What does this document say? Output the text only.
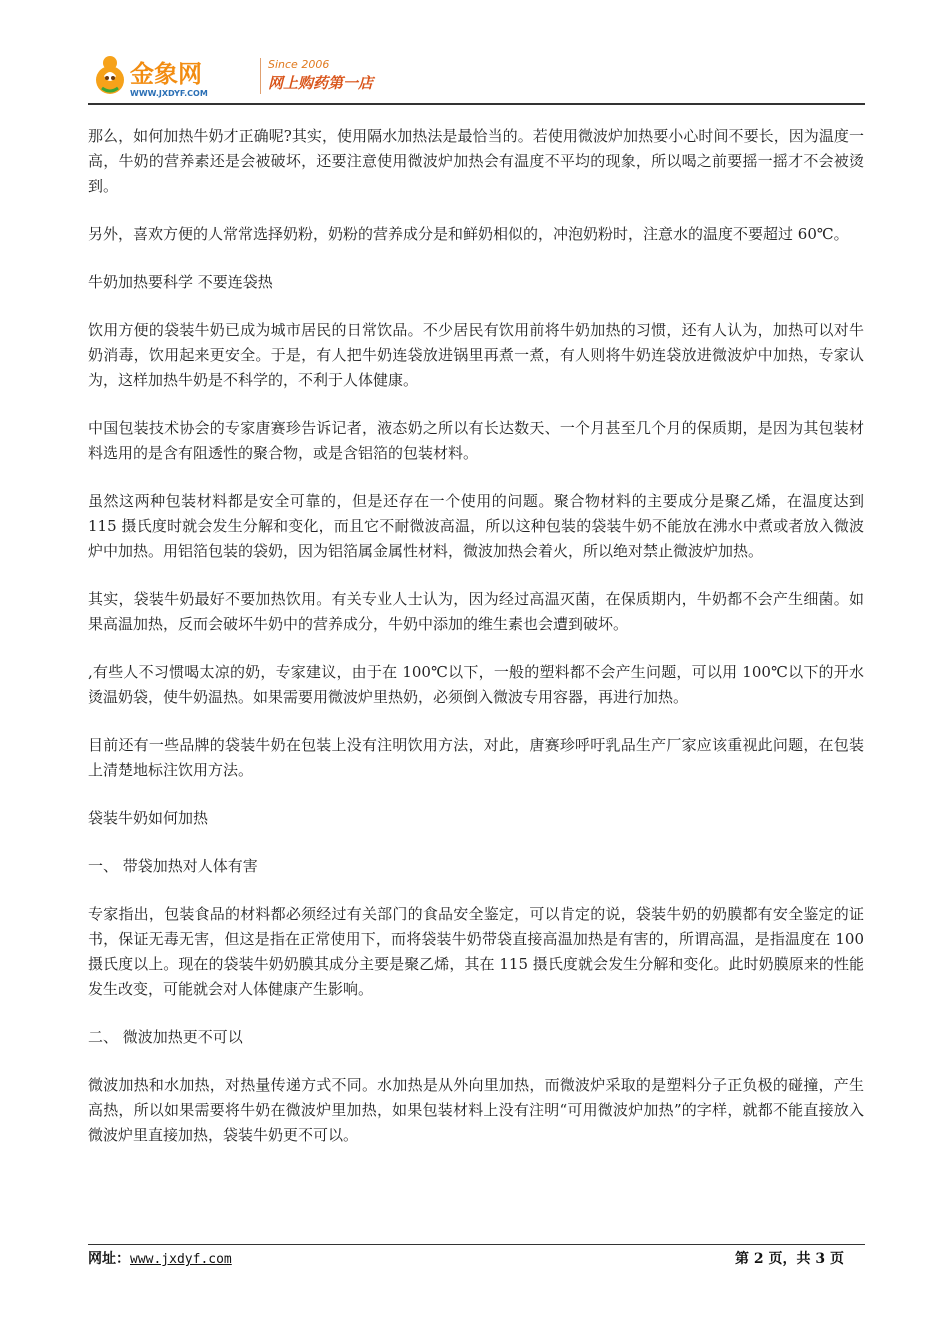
金象网
WWW.JXDYF.COM
Since 2006
网上购药第一店

那么，如何加热牛奶才正确呢?其实，使用隔水加热法是最恰当的。若使用微波炉加热要小心时间不要长，因为温度一高，牛奶的营养素还是会被破坏，还要注意使用微波炉加热会有温度不平均的现象，所以喝之前要摇一摇才不会被烫到。

另外，喜欢方便的人常常选择奶粉，奶粉的营养成分是和鲜奶相似的，冲泡奶粉时，注意水的温度不要超过 60℃。

牛奶加热要科学 不要连袋热

饮用方便的袋装牛奶已成为城市居民的日常饮品。不少居民有饮用前将牛奶加热的习惯，还有人认为，加热可以对牛奶消毒，饮用起来更安全。于是，有人把牛奶连袋放进锅里再煮一煮，有人则将牛奶连袋放进微波炉中加热，专家认为，这样加热牛奶是不科学的，不利于人体健康。

中国包装技术协会的专家唐赛珍告诉记者，液态奶之所以有长达数天、一个月甚至几个月的保质期，是因为其包装材料选用的是含有阻透性的聚合物，或是含铝箔的包装材料。

虽然这两种包装材料都是安全可靠的，但是还存在一个使用的问题。聚合物材料的主要成分是聚乙烯，在温度达到 115 摄氏度时就会发生分解和变化，而且它不耐微波高温，所以这种包装的袋装牛奶不能放在沸水中煮或者放入微波炉中加热。用铝箔包装的袋奶，因为铝箔属金属性材料，微波加热会着火，所以绝对禁止微波炉加热。

其实，袋装牛奶最好不要加热饮用。有关专业人士认为，因为经过高温灭菌，在保质期内，牛奶都不会产生细菌。如果高温加热，反而会破坏牛奶中的营养成分，牛奶中添加的维生素也会遭到破坏。

,有些人不习惯喝太凉的奶，专家建议，由于在 100℃以下，一般的塑料都不会产生问题，可以用 100℃以下的开水烫温奶袋，使牛奶温热。如果需要用微波炉里热奶，必须倒入微波专用容器，再进行加热。

目前还有一些品牌的袋装牛奶在包装上没有注明饮用方法，对此，唐赛珍呼吁乳品生产厂家应该重视此问题，在包装上清楚地标注饮用方法。

袋装牛奶如何加热

一、 带袋加热对人体有害

专家指出，包装食品的材料都必须经过有关部门的食品安全鉴定，可以肯定的说，袋装牛奶的奶膜都有安全鉴定的证书，保证无毒无害，但这是指在正常使用下，而将袋装牛奶带袋直接高温加热是有害的，所谓高温，是指温度在 100 摄氏度以上。现在的袋装牛奶奶膜其成分主要是聚乙烯，其在 115 摄氏度就会发生分解和变化。此时奶膜原来的性能发生改变，可能就会对人体健康产生影响。

二、 微波加热更不可以

微波加热和水加热，对热量传递方式不同。水加热是从外向里加热，而微波炉采取的是塑料分子正负极的碰撞，产生高热，所以如果需要将牛奶在微波炉里加热，如果包装材料上没有注明“可用微波炉加热”的字样，就都不能直接放入微波炉里直接加热，袋装牛奶更不可以。

网址：www.jxdyf.com	第 2 页，共 3 页
